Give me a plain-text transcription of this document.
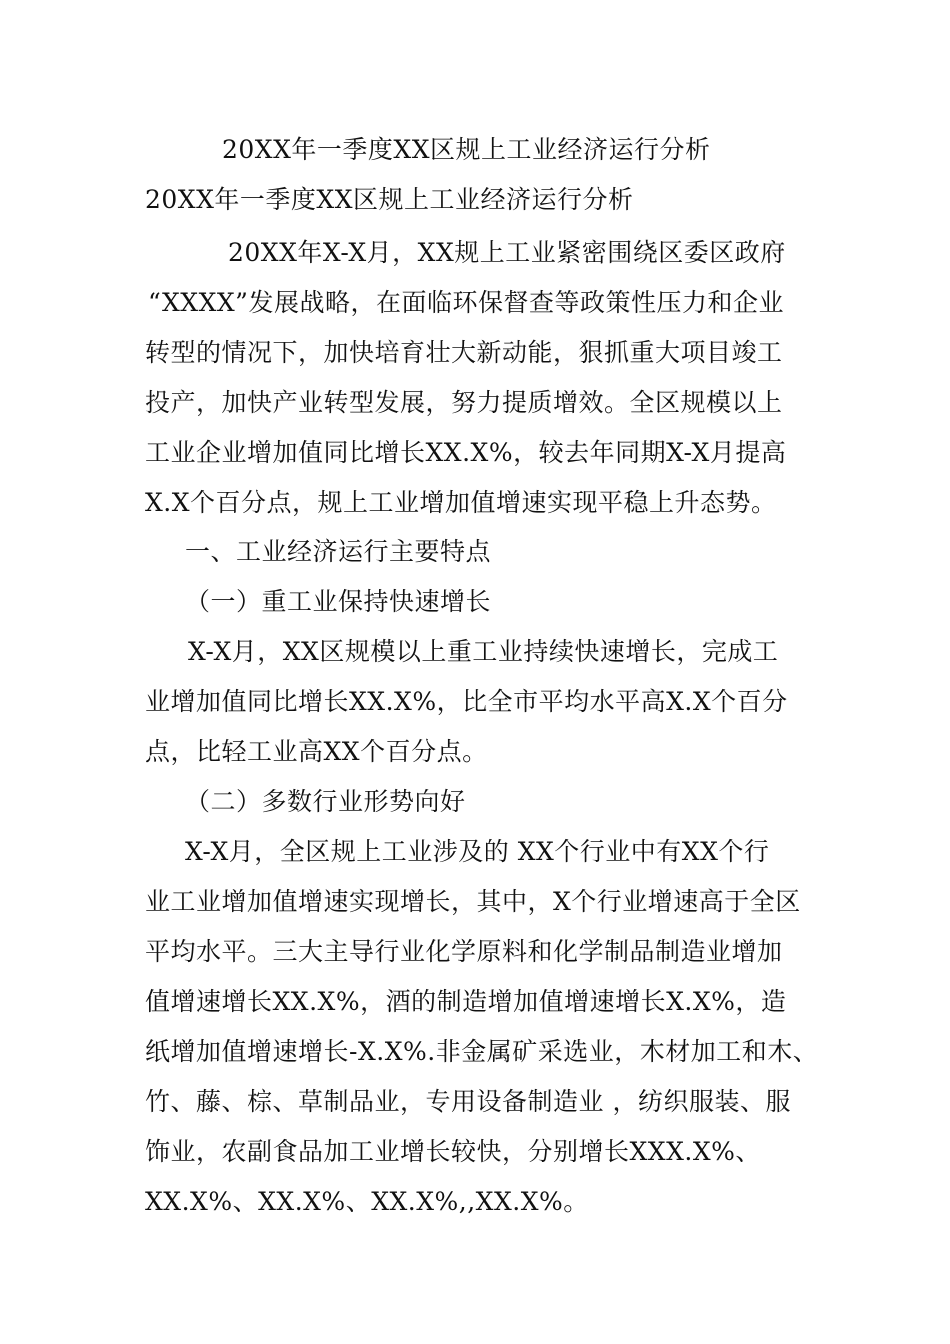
20XX年一季度XX区规上工业经济运行分析
20XX年一季度XX区规上工业经济运行分析
20XX年X-X月，XX规上工业紧密围绕区委区政府
“XXXX”发展战略，在面临环保督查等政策性压力和企业
转型的情况下，加快培育壮大新动能，狠抓重大项目竣工
投产，加快产业转型发展，努力提质增效。全区规模以上
工业企业增加值同比增长XX.X%，较去年同期X-X月提高
X.X个百分点，规上工业增加值增速实现平稳上升态势。
一、工业经济运行主要特点
（一）重工业保持快速增长
X-X月，XX区规模以上重工业持续快速增长，完成工
业增加值同比增长XX.X%，比全市平均水平高X.X个百分
点，比轻工业高XX个百分点。
（二）多数行业形势向好
X-X月，全区规上工业涉及的 XX个行业中有XX个行
业工业增加值增速实现增长，其中，X个行业增速高于全区
平均水平。三大主导行业化学原料和化学制品制造业增加
值增速增长XX.X%，酒的制造增加值增速增长X.X%，造
纸增加值增速增长-X.X%.非金属矿采选业，木材加工和木、
竹、藤、棕、草制品业，专用设备制造业 ，纺织服装、服
饰业，农副食品加工业增长较快，分别增长XXX.X%、
XX.X%、XX.X%、XX.X%,,XX.X%。
